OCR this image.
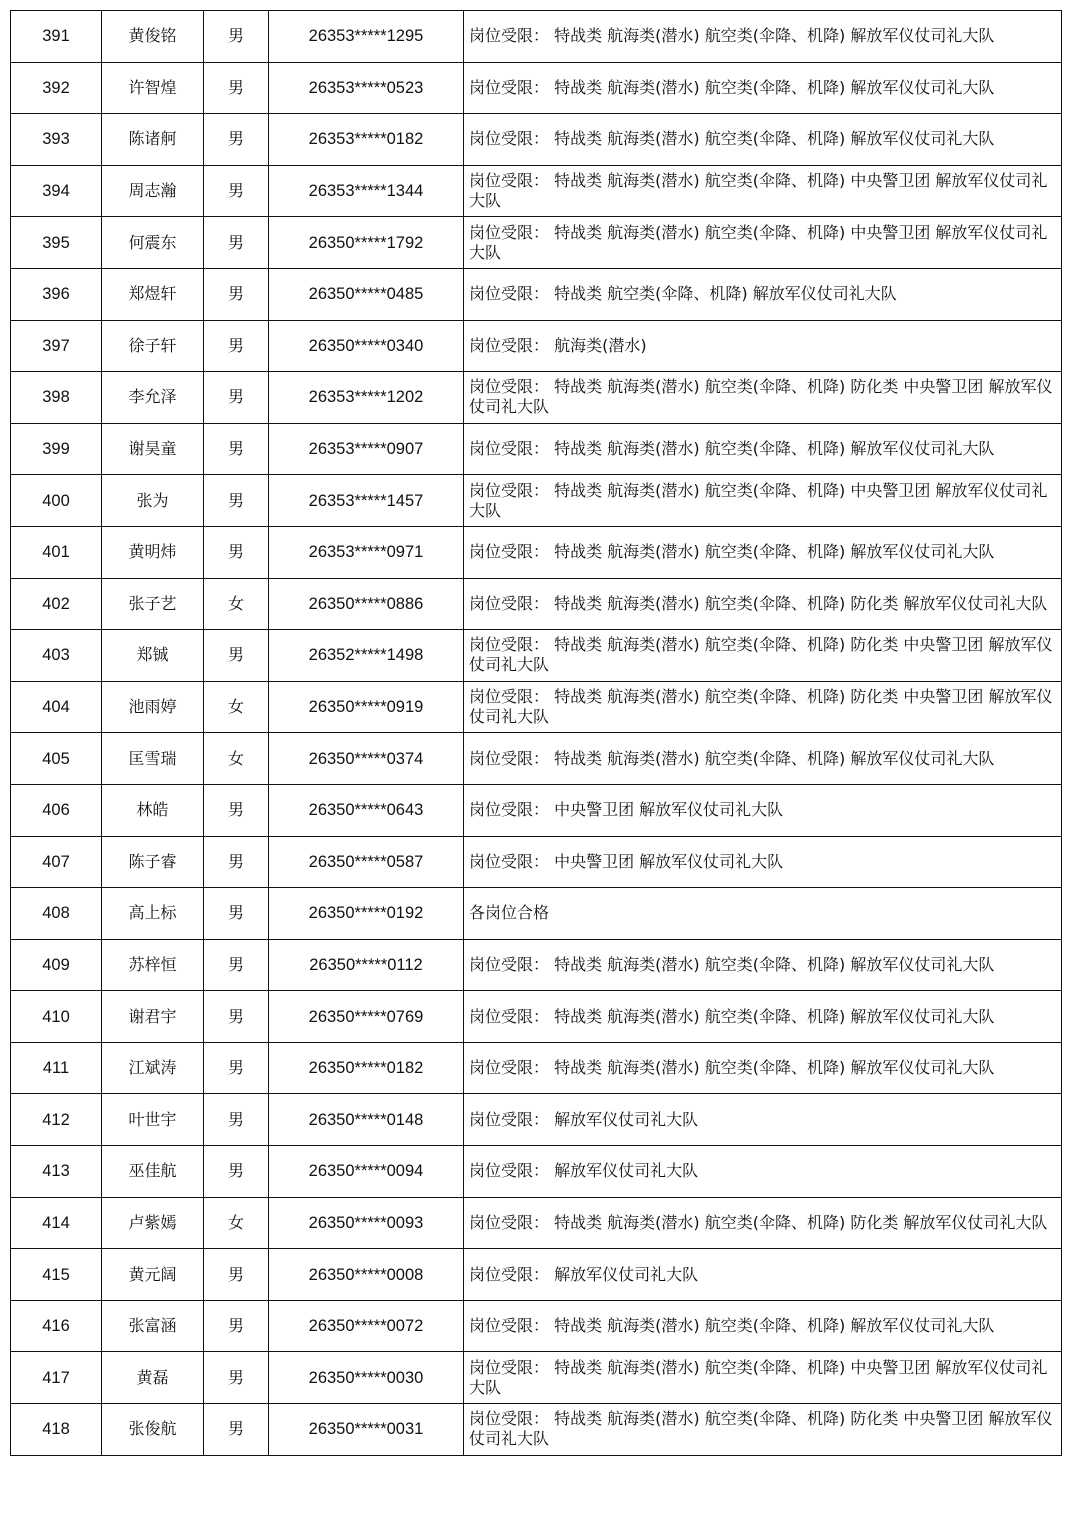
391	黄俊铭	男	26353*****1295	岗位受限： 特战类 航海类(潜水) 航空类(伞降、机降) 解放军仪仗司礼大队
392	许智煌	男	26353*****0523	岗位受限： 特战类 航海类(潜水) 航空类(伞降、机降) 解放军仪仗司礼大队
393	陈诸舸	男	26353*****0182	岗位受限： 特战类 航海类(潜水) 航空类(伞降、机降) 解放军仪仗司礼大队
394	周志瀚	男	26353*****1344	岗位受限： 特战类 航海类(潜水) 航空类(伞降、机降) 中央警卫团 解放军仪仗司礼大队
395	何震东	男	26350*****1792	岗位受限： 特战类 航海类(潜水) 航空类(伞降、机降) 中央警卫团 解放军仪仗司礼大队
396	郑煜轩	男	26350*****0485	岗位受限： 特战类 航空类(伞降、机降) 解放军仪仗司礼大队
397	徐子轩	男	26350*****0340	岗位受限： 航海类(潜水)
398	李允泽	男	26353*****1202	岗位受限： 特战类 航海类(潜水) 航空类(伞降、机降) 防化类 中央警卫团 解放军仪仗司礼大队
399	谢昊童	男	26353*****0907	岗位受限： 特战类 航海类(潜水) 航空类(伞降、机降) 解放军仪仗司礼大队
400	张为	男	26353*****1457	岗位受限： 特战类 航海类(潜水) 航空类(伞降、机降) 中央警卫团 解放军仪仗司礼大队
401	黄明炜	男	26353*****0971	岗位受限： 特战类 航海类(潜水) 航空类(伞降、机降) 解放军仪仗司礼大队
402	张子艺	女	26350*****0886	岗位受限： 特战类 航海类(潜水) 航空类(伞降、机降) 防化类 解放军仪仗司礼大队
403	郑铖	男	26352*****1498	岗位受限： 特战类 航海类(潜水) 航空类(伞降、机降) 防化类 中央警卫团 解放军仪仗司礼大队
404	池雨婷	女	26350*****0919	岗位受限： 特战类 航海类(潜水) 航空类(伞降、机降) 防化类 中央警卫团 解放军仪仗司礼大队
405	匡雪瑞	女	26350*****0374	岗位受限： 特战类 航海类(潜水) 航空类(伞降、机降) 解放军仪仗司礼大队
406	林皓	男	26350*****0643	岗位受限： 中央警卫团 解放军仪仗司礼大队
407	陈子睿	男	26350*****0587	岗位受限： 中央警卫团 解放军仪仗司礼大队
408	高上标	男	26350*****0192	各岗位合格
409	苏梓恒	男	26350*****0112	岗位受限： 特战类 航海类(潜水) 航空类(伞降、机降) 解放军仪仗司礼大队
410	谢君宇	男	26350*****0769	岗位受限： 特战类 航海类(潜水) 航空类(伞降、机降) 解放军仪仗司礼大队
411	江斌涛	男	26350*****0182	岗位受限： 特战类 航海类(潜水) 航空类(伞降、机降) 解放军仪仗司礼大队
412	叶世宇	男	26350*****0148	岗位受限： 解放军仪仗司礼大队
413	巫佳航	男	26350*****0094	岗位受限： 解放军仪仗司礼大队
414	卢紫嫣	女	26350*****0093	岗位受限： 特战类 航海类(潜水) 航空类(伞降、机降) 防化类 解放军仪仗司礼大队
415	黄元阔	男	26350*****0008	岗位受限： 解放军仪仗司礼大队
416	张富涵	男	26350*****0072	岗位受限： 特战类 航海类(潜水) 航空类(伞降、机降) 解放军仪仗司礼大队
417	黄磊	男	26350*****0030	岗位受限： 特战类 航海类(潜水) 航空类(伞降、机降) 中央警卫团 解放军仪仗司礼大队
418	张俊航	男	26350*****0031	岗位受限： 特战类 航海类(潜水) 航空类(伞降、机降) 防化类 中央警卫团 解放军仪仗司礼大队
